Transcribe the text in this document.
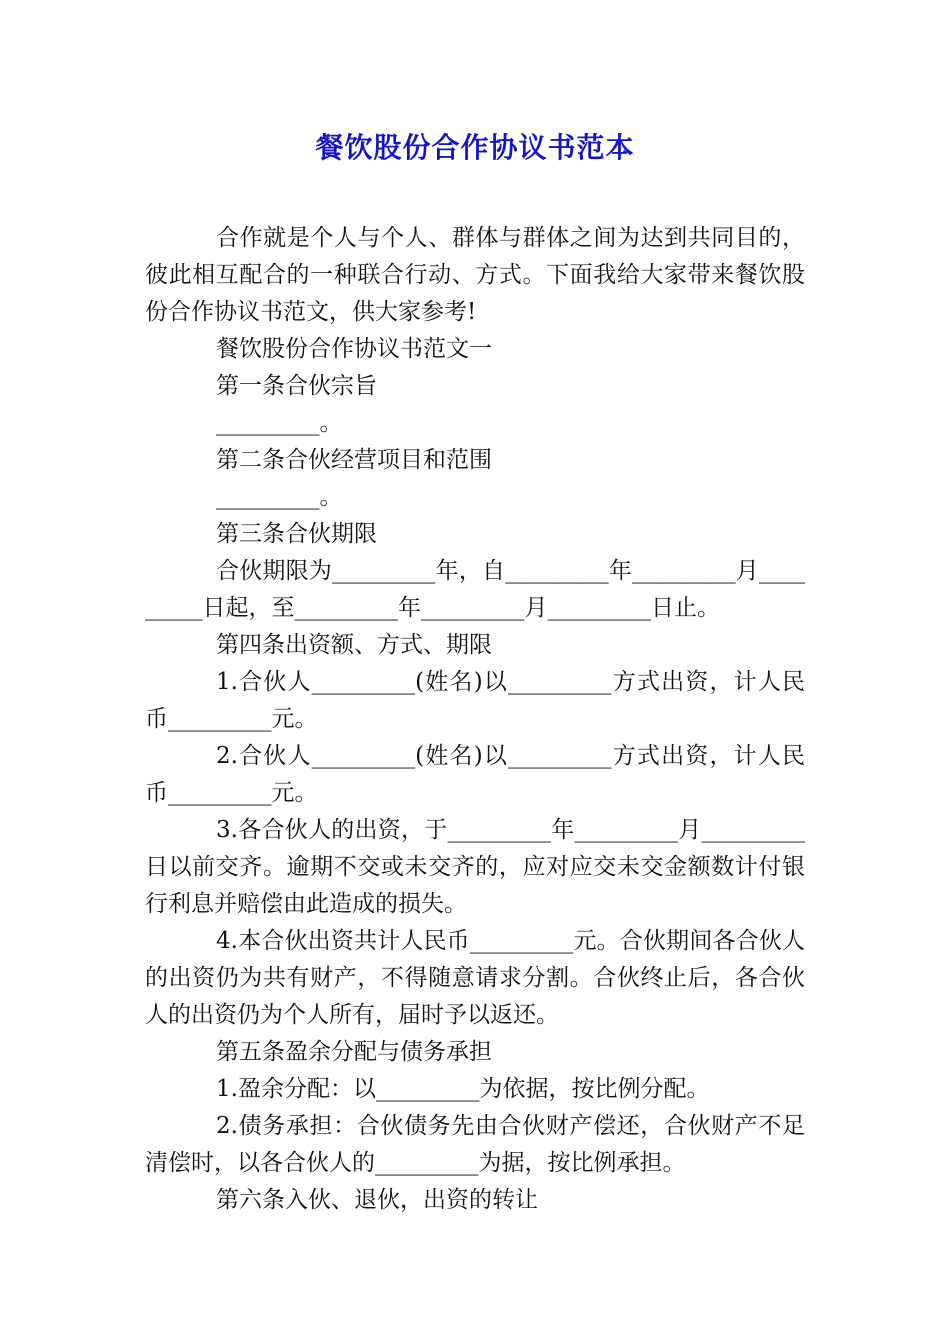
餐饮股份合作协议书范本

合作就是个人与个人、群体与群体之间为达到共同目的，彼此相互配合的一种联合行动、方式。下面我给大家带来餐饮股份合作协议书范文，供大家参考!

餐饮股份合作协议书范文一

第一条合伙宗旨

_________。

第二条合伙经营项目和范围

_________。

第三条合伙期限

合伙期限为_________年，自_________年_________月_________日起，至_________年_________月_________日止。

第四条出资额、方式、期限

1.合伙人_________(姓名)以_________方式出资，计人民币_________元。

2.合伙人_________(姓名)以_________方式出资，计人民币_________元。

3.各合伙人的出资，于_________年_________月_________日以前交齐。逾期不交或未交齐的，应对应交未交金额数计付银行利息并赔偿由此造成的损失。

4.本合伙出资共计人民币_________元。合伙期间各合伙人的出资仍为共有财产，不得随意请求分割。合伙终止后，各合伙人的出资仍为个人所有，届时予以返还。

第五条盈余分配与债务承担

1.盈余分配：以_________为依据，按比例分配。

2.债务承担：合伙债务先由合伙财产偿还，合伙财产不足清偿时，以各合伙人的_________为据，按比例承担。

第六条入伙、退伙，出资的转让
